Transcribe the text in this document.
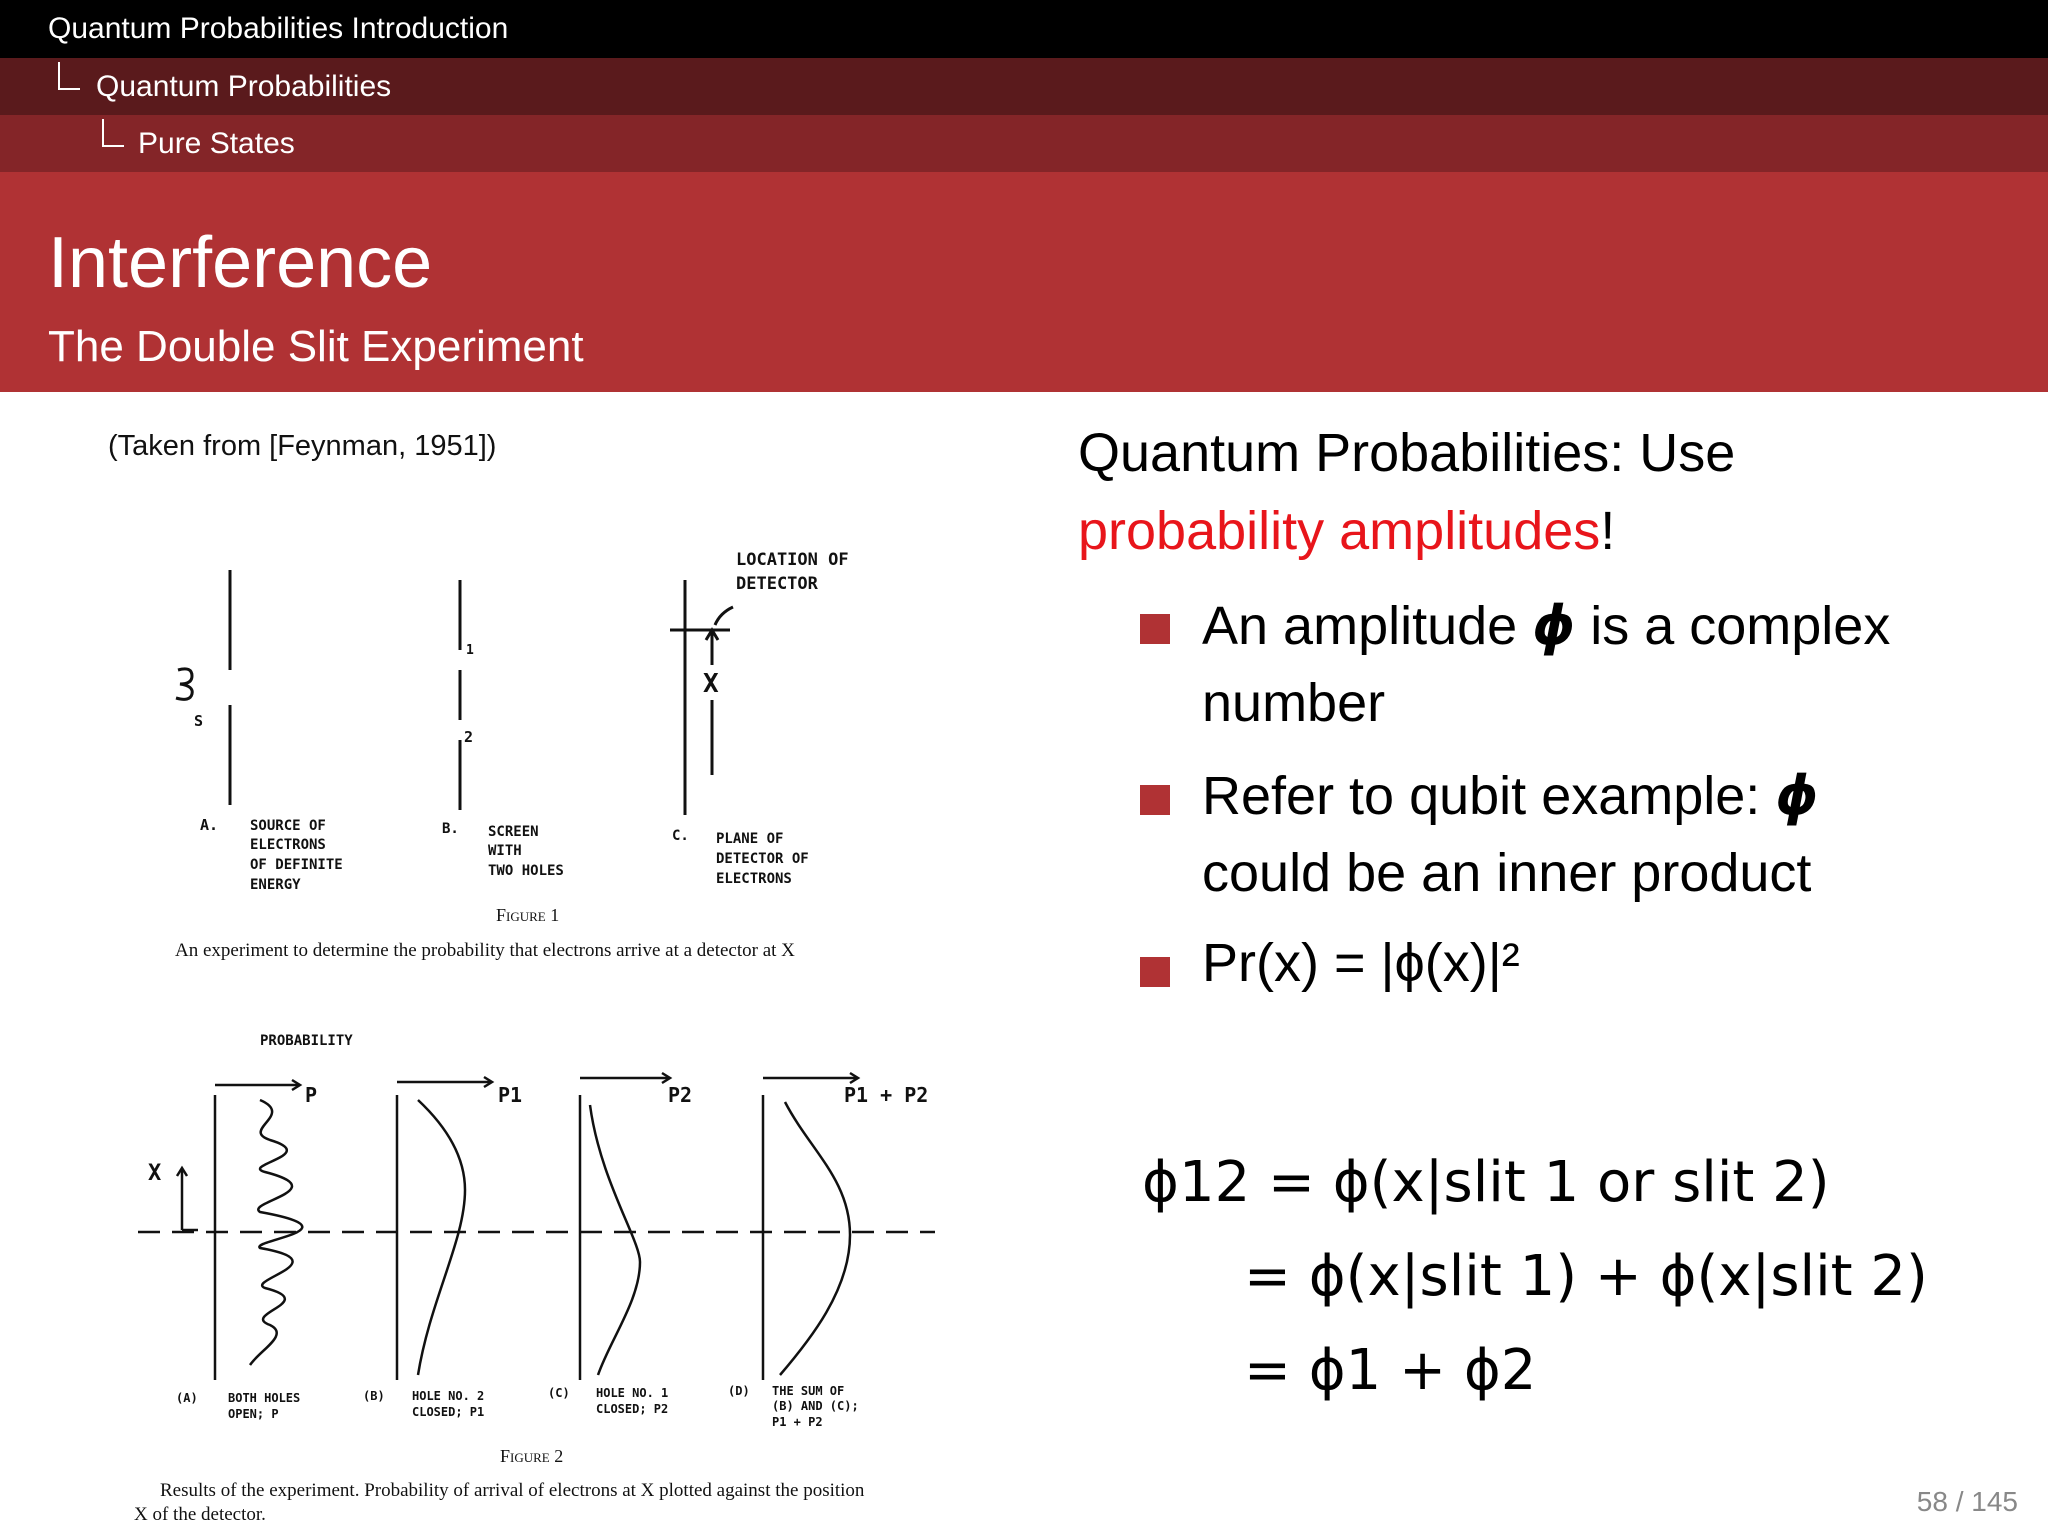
Quantum Probabilities Introduction
Quantum Probabilities
Pure States
Interference
The Double Slit Experiment
(Taken from [Feynman, 1951])
LOCATION OF
DETECTOR
S
1
2
X
A. SOURCE OF
ELECTRONS
OF DEFINITE
ENERGY
B. SCREEN
WITH
TWO HOLES
C. PLANE OF
DETECTOR OF
ELECTRONS
Figure 1
An experiment to determine the probability that electrons arrive at a detector at X
PROBABILITY
P	P1	P2	P1 + P2
X
(A)	BOTH HOLES
OPEN; P
(B) HOLE NO. 2
CLOSED; P1
(C) HOLE NO. 1
CLOSED; P2
(D) THE SUM OF
(B) AND (C);
P1 + P2
Figure 2
Results of the experiment. Probability of arrival of electrons at X plotted against the position
X of the detector.
Quantum Probabilities: Use
probability amplitudes!
An amplitude ϕ is a complex
number
Refer to qubit example: ϕ
could be an inner product
Pr(x) = |ϕ(x)|²
ϕ12 = ϕ(x|slit 1 or slit 2)
= ϕ(x|slit 1) + ϕ(x|slit 2)
= ϕ1 + ϕ2
58 / 145
